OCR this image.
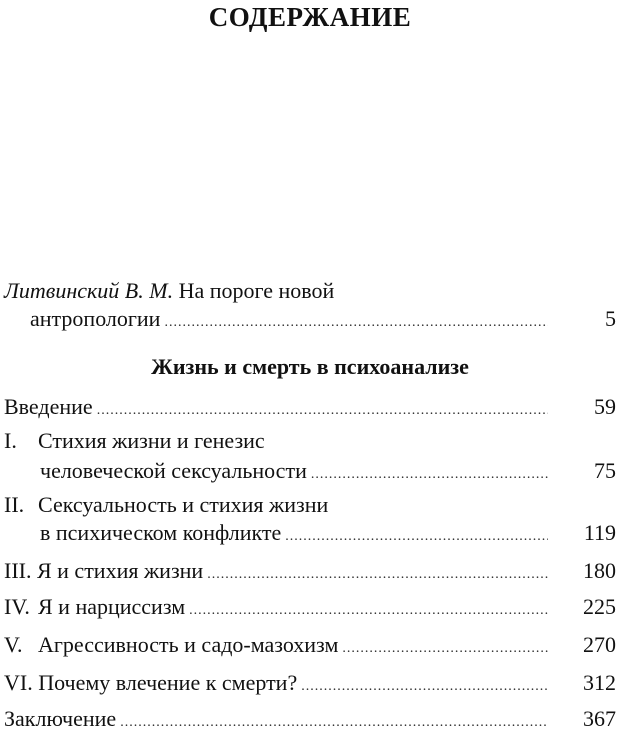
СОДЕРЖАНИЕ
Литвинский В. М. На пороге новой
антропологии .....	5
Жизнь и смерть в психоанализе
Введение .....	59
I. Стихия жизни и генезис
человеческой сексуальности .....	75
II. Сексуальность и стихия жизни
в психическом конфликте .....	119
III. Я и стихия жизни .....	180
IV. Я и нарциссизм .....	225
V. Агрессивность и садо-мазохизм .....	270
VI. Почему влечение к смерти? .....	312
Заключение .....	367
